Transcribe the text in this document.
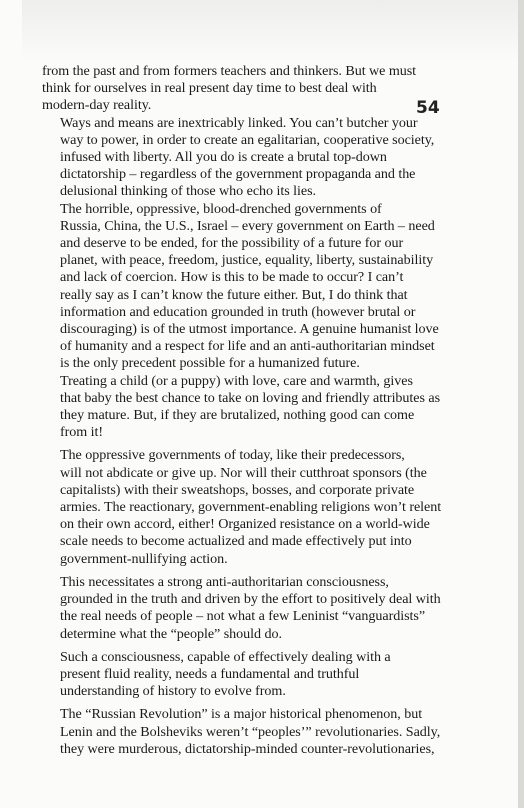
54

from the past and from formers teachers and thinkers. But we must
think for ourselves in real present day time to best deal with
modern-day reality.

Ways and means are inextricably linked. You can’t butcher your
way to power, in order to create an egalitarian, cooperative society,
infused with liberty. All you do is create a brutal top-down
dictatorship – regardless of the government propaganda and the
delusional thinking of those who echo its lies.

The horrible, oppressive, blood-drenched governments of
Russia, China, the U.S., Israel – every government on Earth – need
and deserve to be ended, for the possibility of a future for our
planet, with peace, freedom, justice, equality, liberty, sustainability
and lack of coercion. How is this to be made to occur? I can’t
really say as I can’t know the future either. But, I do think that
information and education grounded in truth (however brutal or
discouraging) is of the utmost importance. A genuine humanist love
of humanity and a respect for life and an anti-authoritarian mindset
is the only precedent possible for a humanized future.

Treating a child (or a puppy) with love, care and warmth, gives
that baby the best chance to take on loving and friendly attributes as
they mature. But, if they are brutalized, nothing good can come
from it!

The oppressive governments of today, like their predecessors,
will not abdicate or give up. Nor will their cutthroat sponsors (the
capitalists) with their sweatshops, bosses, and corporate private
armies. The reactionary, government-enabling religions won’t relent
on their own accord, either! Organized resistance on a world-wide
scale needs to become actualized and made effectively put into
government-nullifying action.

This necessitates a strong anti-authoritarian consciousness,
grounded in the truth and driven by the effort to positively deal with
the real needs of people – not what a few Leninist “vanguardists”
determine what the “people” should do.

Such a consciousness, capable of effectively dealing with a
present fluid reality, needs a fundamental and truthful
understanding of history to evolve from.

The “Russian Revolution” is a major historical phenomenon, but
Lenin and the Bolsheviks weren’t “peoples’” revolutionaries. Sadly,
they were murderous, dictatorship-minded counter-revolutionaries,
